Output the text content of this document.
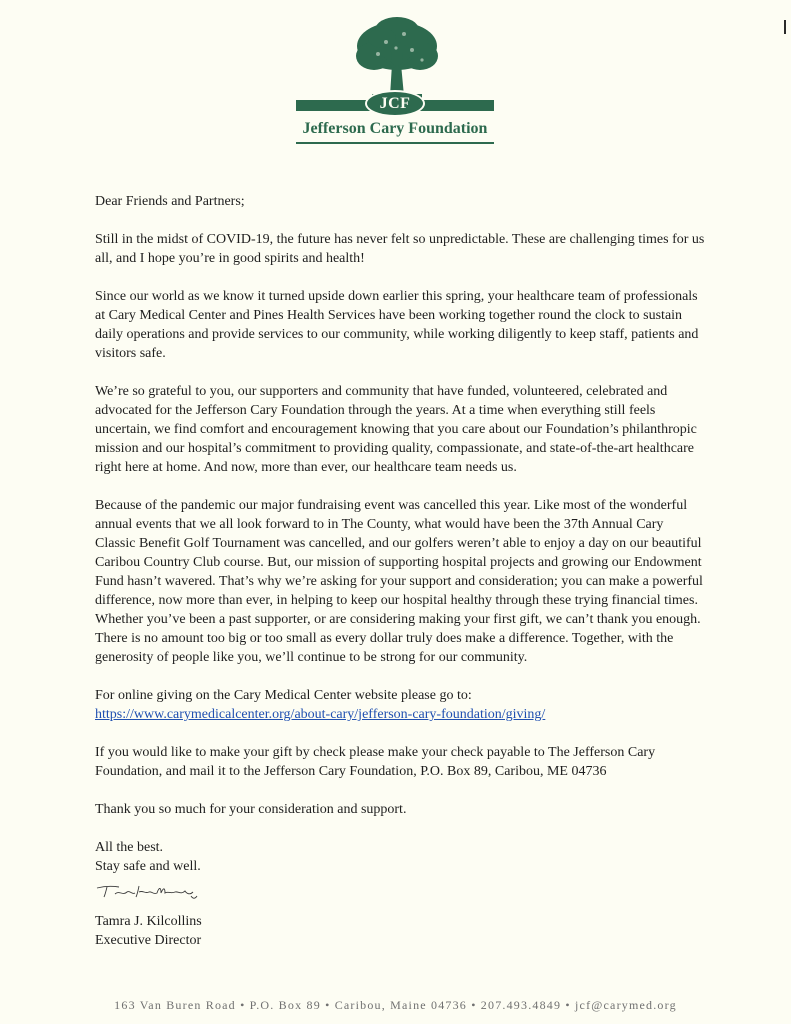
JCF
Jefferson Cary Foundation

Dear Friends and Partners;

Still in the midst of COVID-19, the future has never felt so unpredictable. These are challenging times for us all, and I hope you’re in good spirits and health!

Since our world as we know it turned upside down earlier this spring, your healthcare team of professionals at Cary Medical Center and Pines Health Services have been working together round the clock to sustain daily operations and provide services to our community, while working diligently to keep staff, patients and visitors safe.

We’re so grateful to you, our supporters and community that have funded, volunteered, celebrated and advocated for the Jefferson Cary Foundation through the years. At a time when everything still feels uncertain, we find comfort and encouragement knowing that you care about our Foundation’s philanthropic mission and our hospital’s commitment to providing quality, compassionate, and state-of-the-art healthcare right here at home. And now, more than ever, our healthcare team needs us.

Because of the pandemic our major fundraising event was cancelled this year. Like most of the wonderful annual events that we all look forward to in The County, what would have been the 37th Annual Cary Classic Benefit Golf Tournament was cancelled, and our golfers weren’t able to enjoy a day on our beautiful Caribou Country Club course. But, our mission of supporting hospital projects and growing our Endowment Fund hasn’t wavered. That’s why we’re asking for your support and consideration; you can make a powerful difference, now more than ever, in helping to keep our hospital healthy through these trying financial times. Whether you’ve been a past supporter, or are considering making your first gift, we can’t thank you enough. There is no amount too big or too small as every dollar truly does make a difference. Together, with the generosity of people like you, we’ll continue to be strong for our community.

For online giving on the Cary Medical Center website please go to:
https://www.carymedicalcenter.org/about-cary/jefferson-cary-foundation/giving/

If you would like to make your gift by check please make your check payable to The Jefferson Cary Foundation, and mail it to the Jefferson Cary Foundation, P.O. Box 89, Caribou, ME 04736

Thank you so much for your consideration and support.

All the best.
Stay safe and well.
Tamra J. Kilcollins
Executive Director
163 Van Buren Road • P.O. Box 89 • Caribou, Maine 04736 • 207.493.4849 • jcf@carymed.org
